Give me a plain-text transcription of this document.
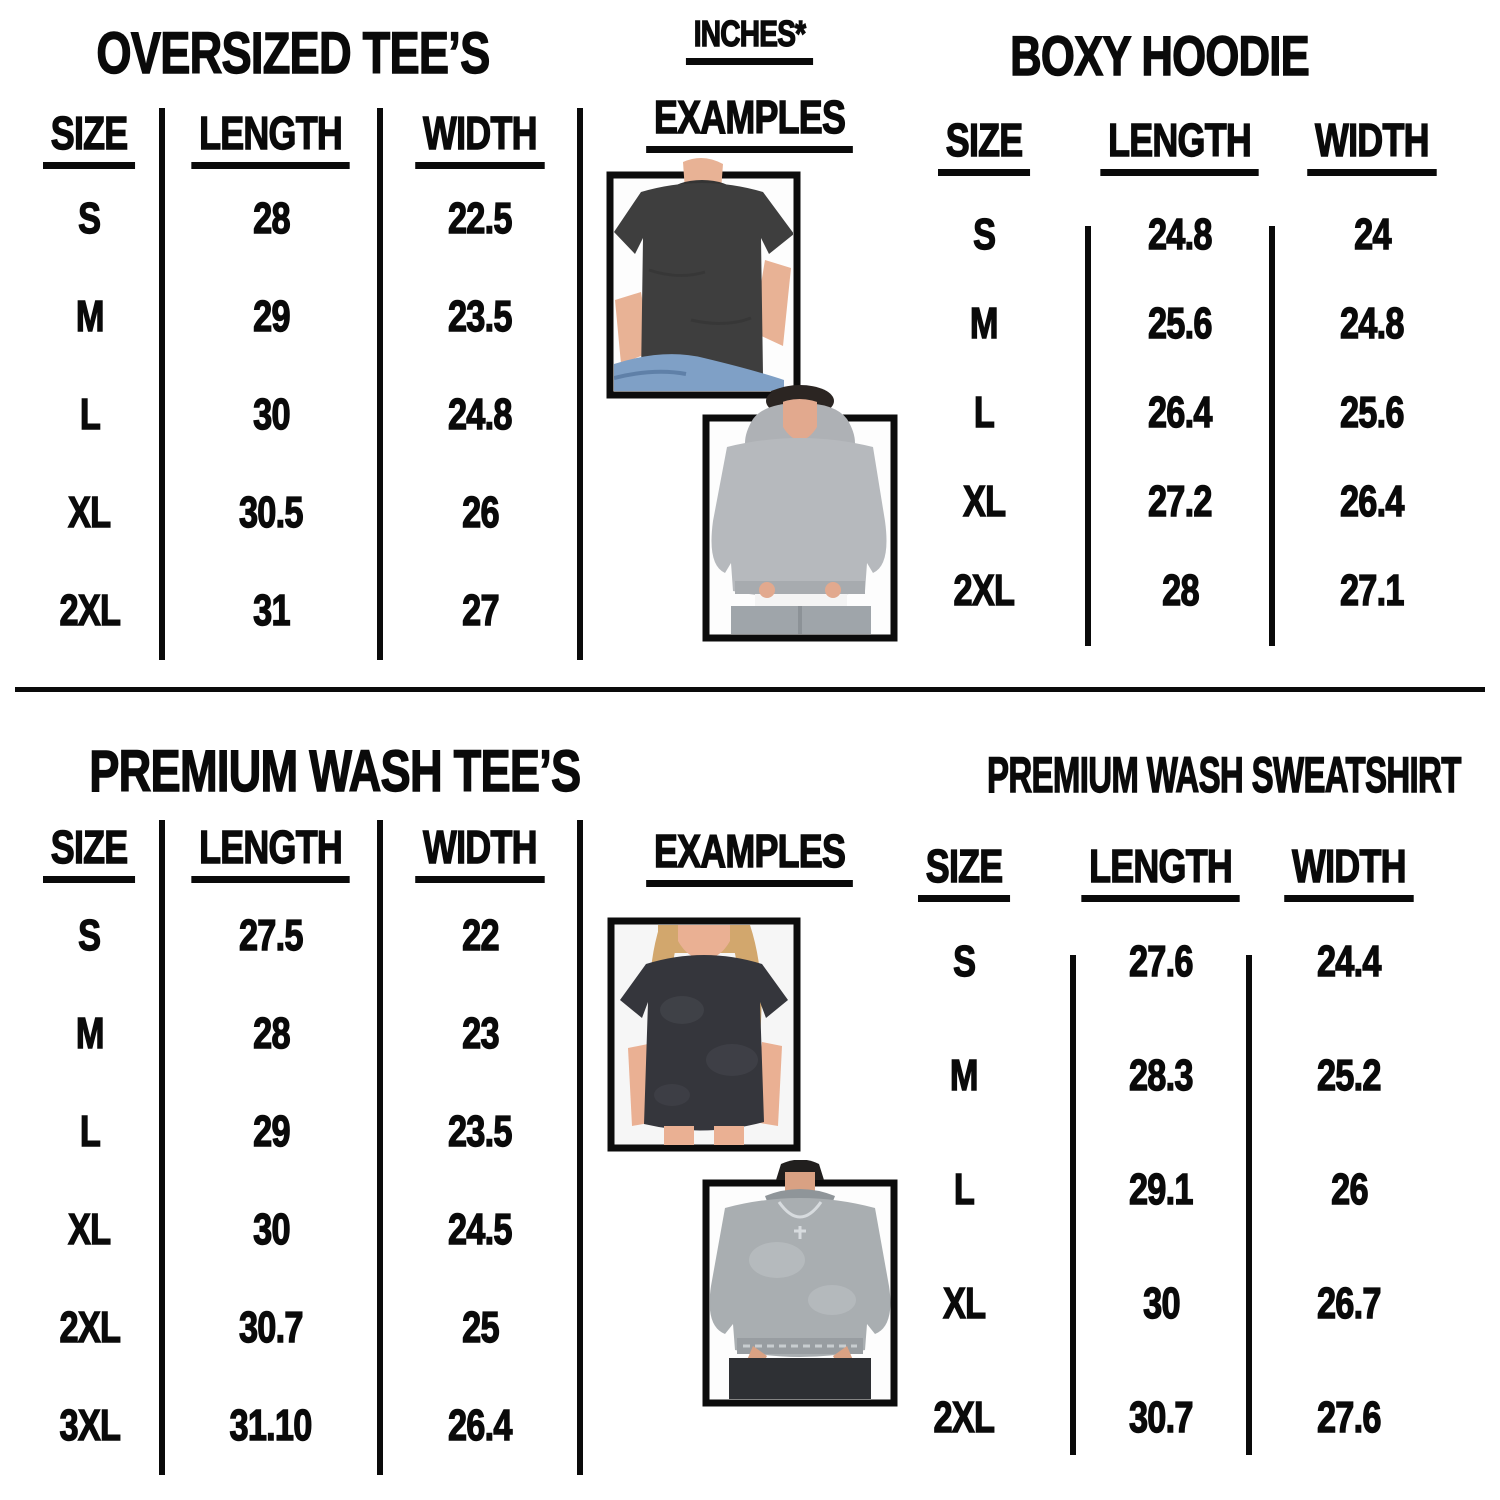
OVERSIZED TEE’S
SIZE LENGTH WIDTH
S	28	22.5
M	29	23.5
L	30	24.8
XL	30.5	26
2XL	31	27
INCHES*
EXAMPLES
BOXY HOODIE
SIZE LENGTH WIDTH
S	24.8	24
M	25.6	24.8
L	26.4	25.6
XL	27.2	26.4
2XL	28	27.1
PREMIUM WASH TEE’S
SIZE LENGTH WIDTH
S	27.5	22
M	28	23
L	29	23.5
XL	30	24.5
2XL	30.7	25
3XL	31.10	26.4
EXAMPLES
PREMIUM WASH SWEATSHIRT
SIZE LENGTH WIDTH
S	27.6	24.4
M	28.3	25.2
L	29.1	26
XL	30	26.7
2XL	30.7	27.6
